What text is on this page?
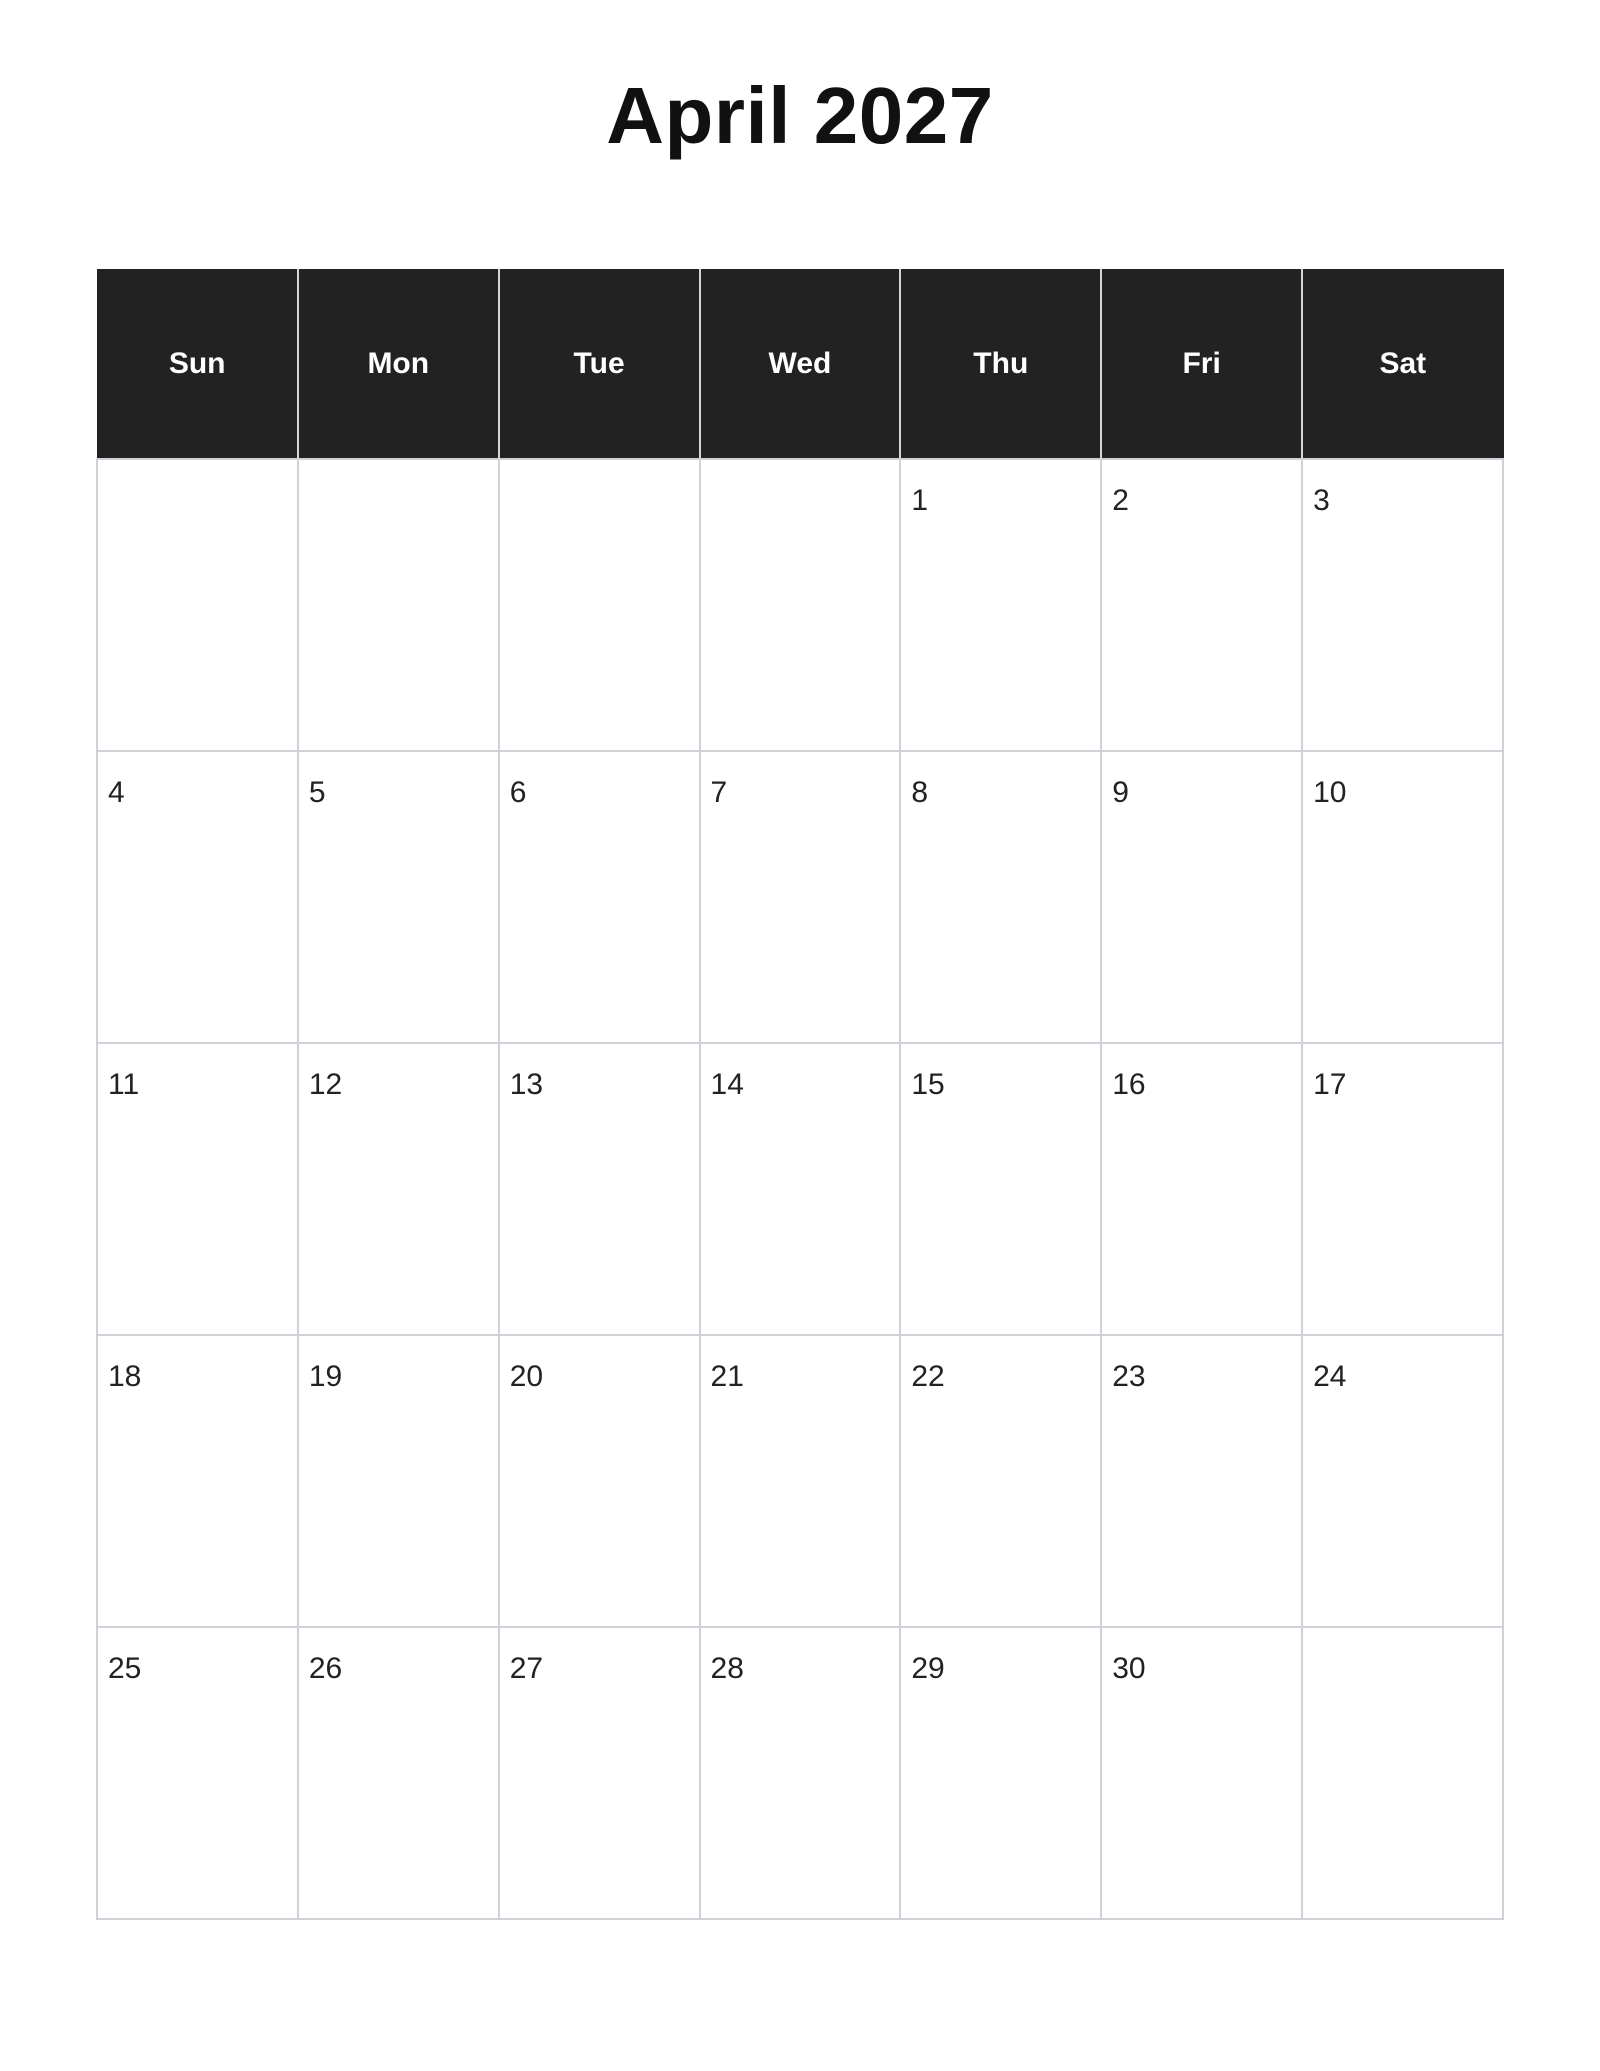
April 2027
Sun	Mon	Tue	Wed	Thu	Fri	Sat

				1	2	3

4	5	6	7	8	9	10

11	12	13	14	15	16	17

18	19	20	21	22	23	24

25	26	27	28	29	30	
